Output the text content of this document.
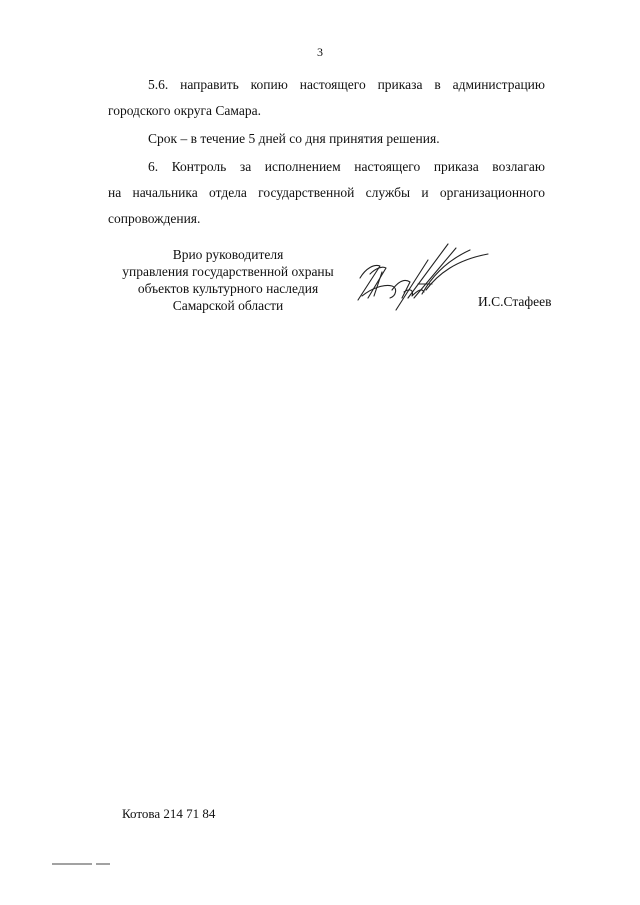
3

5.6. направить копию настоящего приказа в администрацию городского округа Самара.

Срок – в течение 5 дней со дня принятия решения.

6. Контроль за исполнением настоящего приказа возлагаю
на начальника отдела государственной службы и организационного
сопровождения.
Врио руководителя
управления государственной охраны
объектов культурного наследия
Самарской области	И.С.Стафеев
Котова 214 71 84
